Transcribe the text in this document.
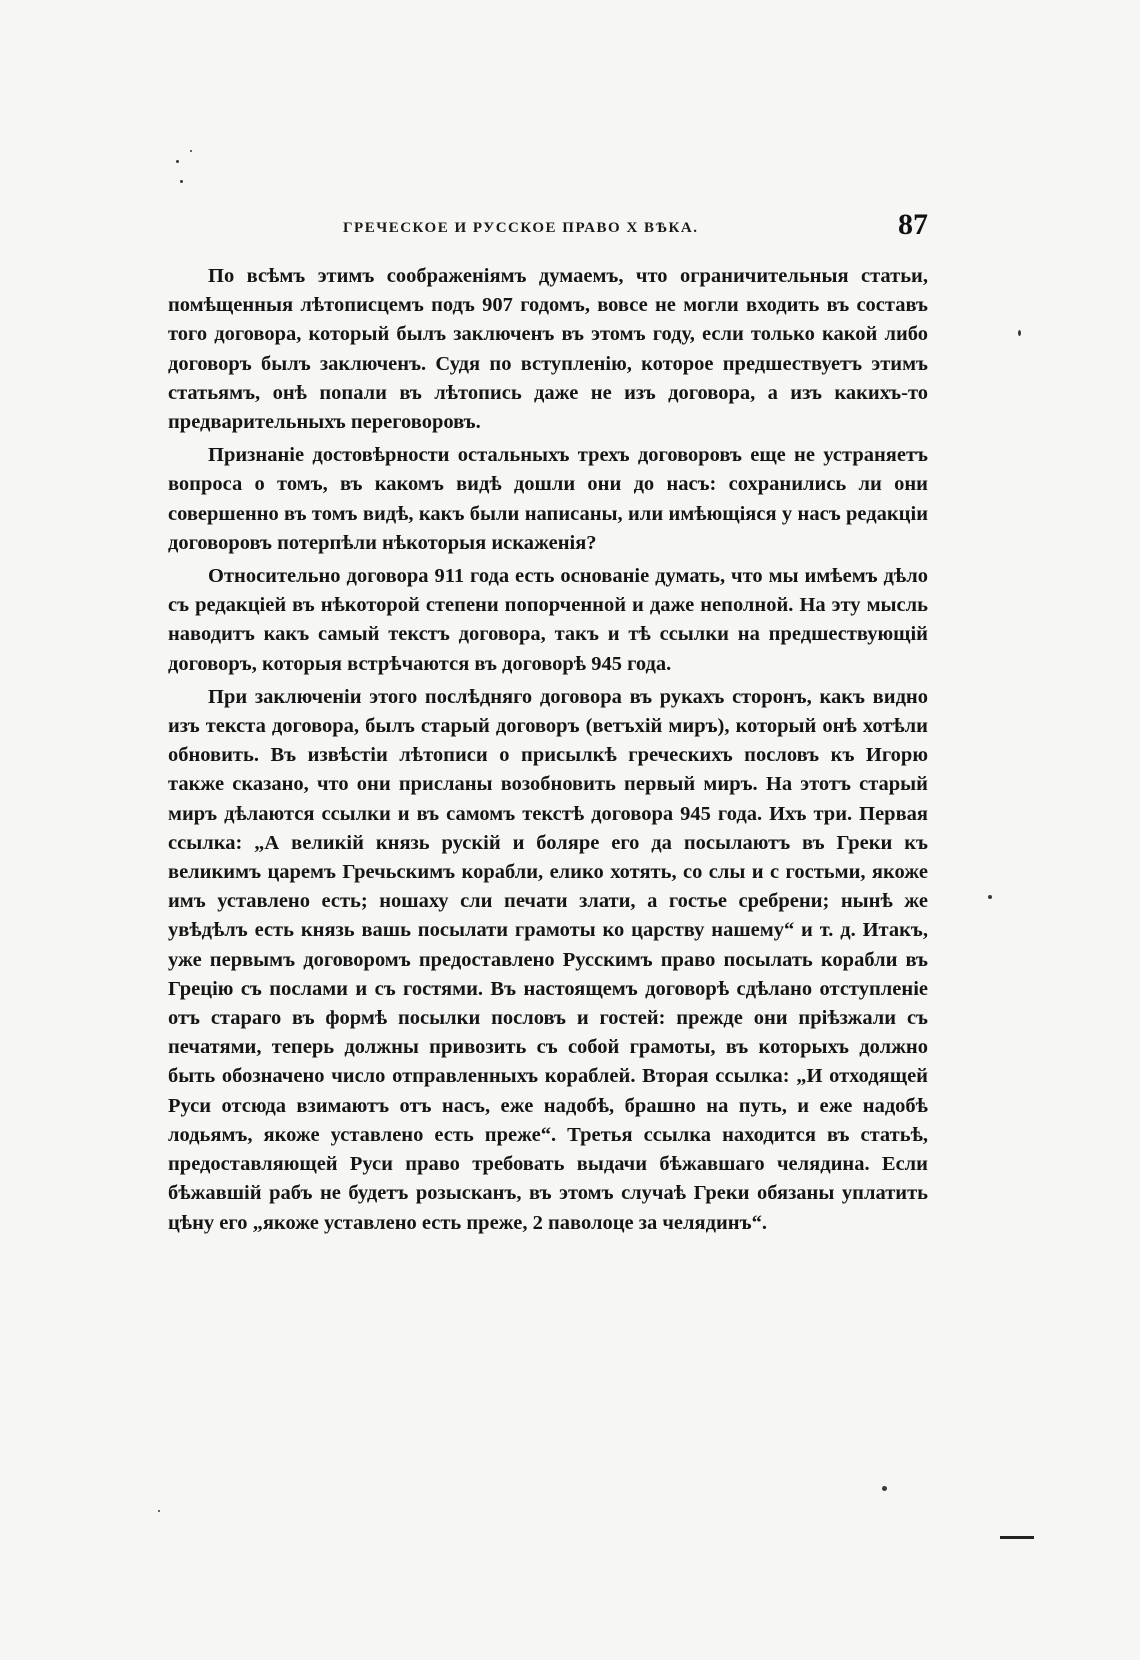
ГРЕЧЕСКОЕ И РУССКОЕ ПРАВО X ВѢКА.	87

По всѣмъ этимъ соображеніямъ думаемъ, что ограничительныя статьи, помѣщенныя лѣтописцемъ подъ 907 годомъ, вовсе не могли входить въ составъ того договора, который былъ заключенъ въ этомъ году, если только какой либо договоръ былъ заключенъ. Судя по вступленію, которое предшествуетъ этимъ статьямъ, онѣ попали въ лѣтопись даже не изъ договора, а изъ какихъ-то предварительныхъ переговоровъ.

Признаніе достовѣрности остальныхъ трехъ договоровъ еще не устраняетъ вопроса о томъ, въ какомъ видѣ дошли они до насъ: сохранились ли они совершенно въ томъ видѣ, какъ были написаны, или имѣющіяся у насъ редакціи договоровъ потерпѣли нѣкоторыя искаженія?

Относительно договора 911 года есть основаніе думать, что мы имѣемъ дѣло съ редакціей въ нѣкоторой степени попорченной и даже неполной. На эту мысль наводитъ какъ самый текстъ договора, такъ и тѣ ссылки на предшествующій договоръ, которыя встрѣчаются въ договорѣ 945 года.

При заключеніи этого послѣдняго договора въ рукахъ сторонъ, какъ видно изъ текста договора, былъ старый договоръ (ветъхій миръ), который онѣ хотѣли обновить. Въ извѣстіи лѣтописи о присылкѣ греческихъ пословъ къ Игорю также сказано, что они присланы возобновить первый миръ. На этотъ старый миръ дѣлаются ссылки и въ самомъ текстѣ договора 945 года. Ихъ три. Первая ссылка: „А великій князь рускій и боляре его да посылаютъ въ Греки къ великимъ царемъ Гречьскимъ корабли, елико хотять, со слы и с гостьми, якоже имъ уставлено есть; ношаху сли печати злати, а гостье сребрени; нынѣ же увѣдѣлъ есть князь вашь посылати грамоты ко царству нашему“ и т. д. Итакъ, уже первымъ договоромъ предоставлено Русскимъ право посылать корабли въ Грецію съ послами и съ гостями. Въ настоящемъ договорѣ сдѣлано отступленіе отъ стараго въ формѣ посылки пословъ и гостей: прежде они пріѣзжали съ печатями, теперь должны привозить съ собой грамоты, въ которыхъ должно быть обозначено число отправленныхъ кораблей. Вторая ссылка: „И отходящей Руси отсюда взимаютъ отъ насъ, еже надобѣ, брашно на путь, и еже надобѣ лодьямъ, якоже уставлено есть преже“. Третья ссылка находится въ статьѣ, предоставляющей Руси право требовать выдачи бѣжавшаго челядина. Если бѣжавшій рабъ не будетъ розысканъ, въ этомъ случаѣ Греки обязаны уплатить цѣну его „якоже уставлено есть преже, 2 паволоце за челядинъ“.
